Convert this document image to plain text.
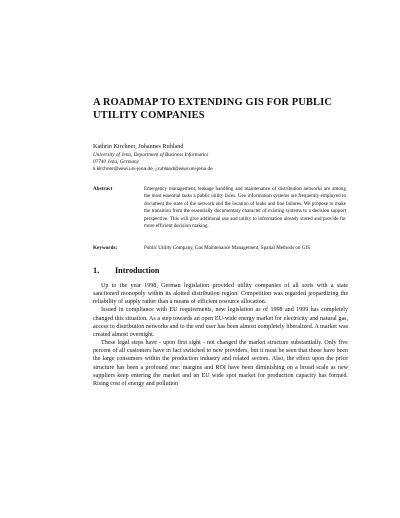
A ROADMAP TO EXTENDING GIS FOR PUBLIC UTILITY COMPANIES
Kathrin Kirchner, Johannes Ruhland
University of Jena, Department of Business Informatics
07740 Jena, Germany
k.kirchner@wiwi.uni-jena.de, j.ruhland@wiwi.uni-jena.de
Abstract	Emergency management, leakage handling and maintenance of distribution networks are among the most essential tasks a public utility faces. Geo information systems are frequently employed to document the state of the network and the location of leaks and line failures. We propose to make the transition from the essentially documentary character of existing systems to a decision support perspective. This will give additional use and utility to information already stored and provide for more efficient decision making.
Keywords:	Public Utility Company, Gas Maintenance Management, Spatial Methods on GIS
1. Introduction

Up to the year 1998, German legislation provided utility companies of all sorts with a state sanctioned monopoly within its alotted distribution region. Competition was regarded jeopardizing the reliability of supply rather than a means of efficient resource allocation.

Issued in compliance with EU requirements, new legislation as of 1998 and 1999 has completely changed this situation. As a step towards an open EU-wide energy market for electricity and natural gas, access to distribution networks and to the end user has been almost completely liberalized. A market was created almost overnight.

These legal steps have - upon first sight - not changed the market structure substantially. Only five percent of all customers have in fact switched to new providers, but it must be seen that those have been the large consumers within the production industry and related sectors. Also, the effect upon the price structure has been a profound one: margins and ROI have been diminishing on a broad scale as new suppliers keep entering the market and an EU wide spot market for production capacity has formed. Rising cost of energy and pollution
